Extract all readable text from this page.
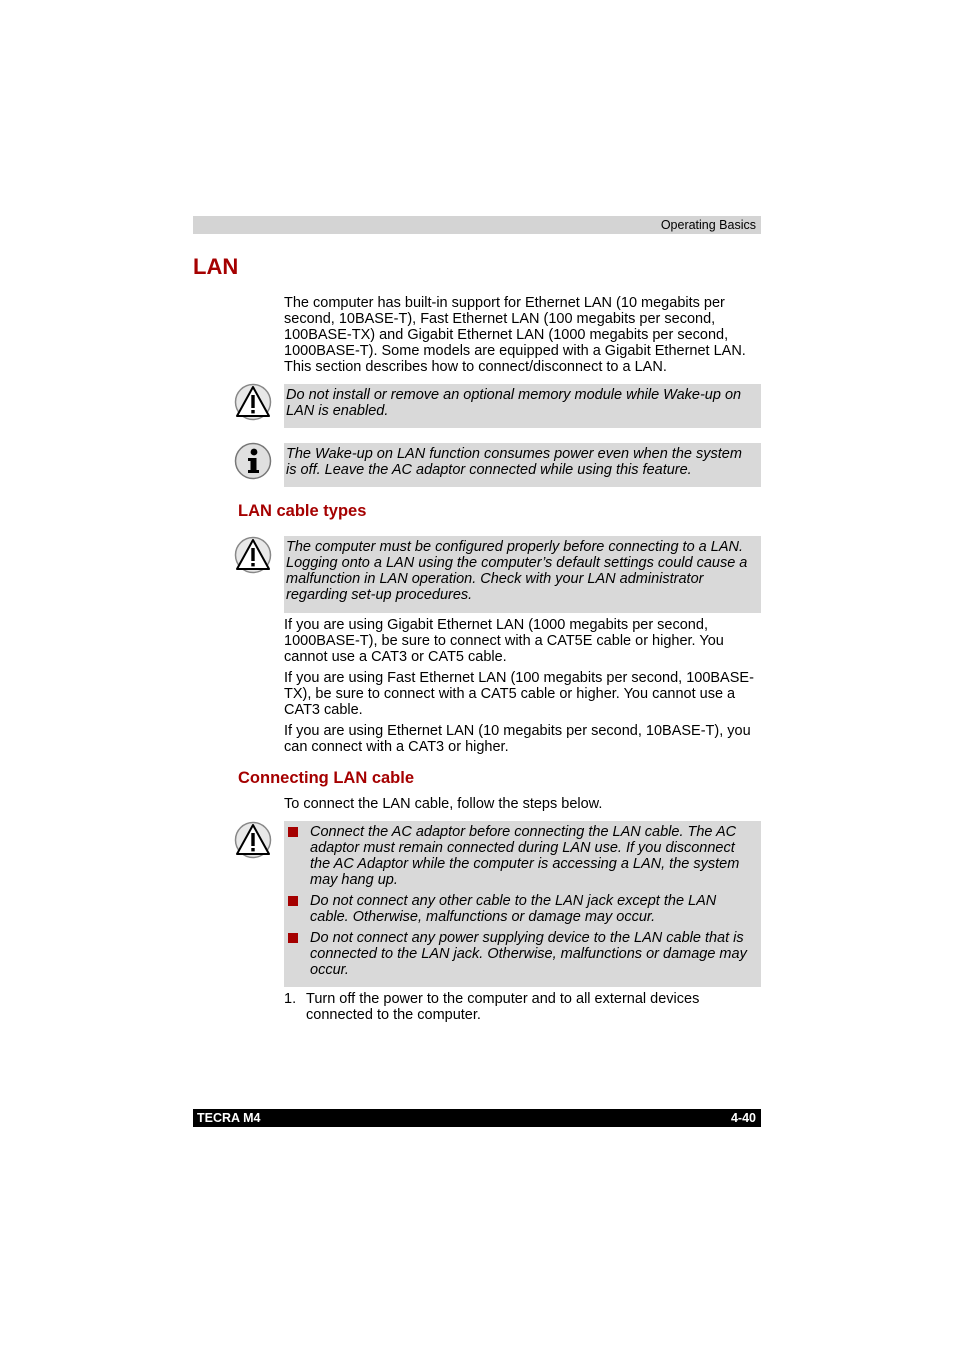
Operating Basics
LAN
The computer has built-in support for Ethernet LAN (10 megabits per second, 10BASE-T), Fast Ethernet LAN (100 megabits per second, 100BASE-TX) and Gigabit Ethernet LAN (1000 megabits per second, 1000BASE-T). Some models are equipped with a Gigabit Ethernet LAN. This section describes how to connect/disconnect to a LAN.
Do not install or remove an optional memory module while Wake-up on LAN is enabled.
The Wake-up on LAN function consumes power even when the system is off. Leave the AC adaptor connected while using this feature.
LAN cable types
The computer must be configured properly before connecting to a LAN. Logging onto a LAN using the computer’s default settings could cause a malfunction in LAN operation. Check with your LAN administrator regarding set-up procedures.
If you are using Gigabit Ethernet LAN (1000 megabits per second, 1000BASE-T), be sure to connect with a CAT5E cable or higher. You cannot use a CAT3 or CAT5 cable.
If you are using Fast Ethernet LAN (100 megabits per second, 100BASE-TX), be sure to connect with a CAT5 cable or higher. You cannot use a CAT3 cable.
If you are using Ethernet LAN (10 megabits per second, 10BASE-T), you can connect with a CAT3 or higher.
Connecting LAN cable
To connect the LAN cable, follow the steps below.
Connect the AC adaptor before connecting the LAN cable. The AC adaptor must remain connected during LAN use. If you disconnect the AC Adaptor while the computer is accessing a LAN, the system may hang up.
Do not connect any other cable to the LAN jack except the LAN cable. Otherwise, malfunctions or damage may occur.
Do not connect any power supplying device to the LAN cable that is connected to the LAN jack. Otherwise, malfunctions or damage may occur.
1. Turn off the power to the computer and to all external devices connected to the computer.
TECRA M4	4-40
